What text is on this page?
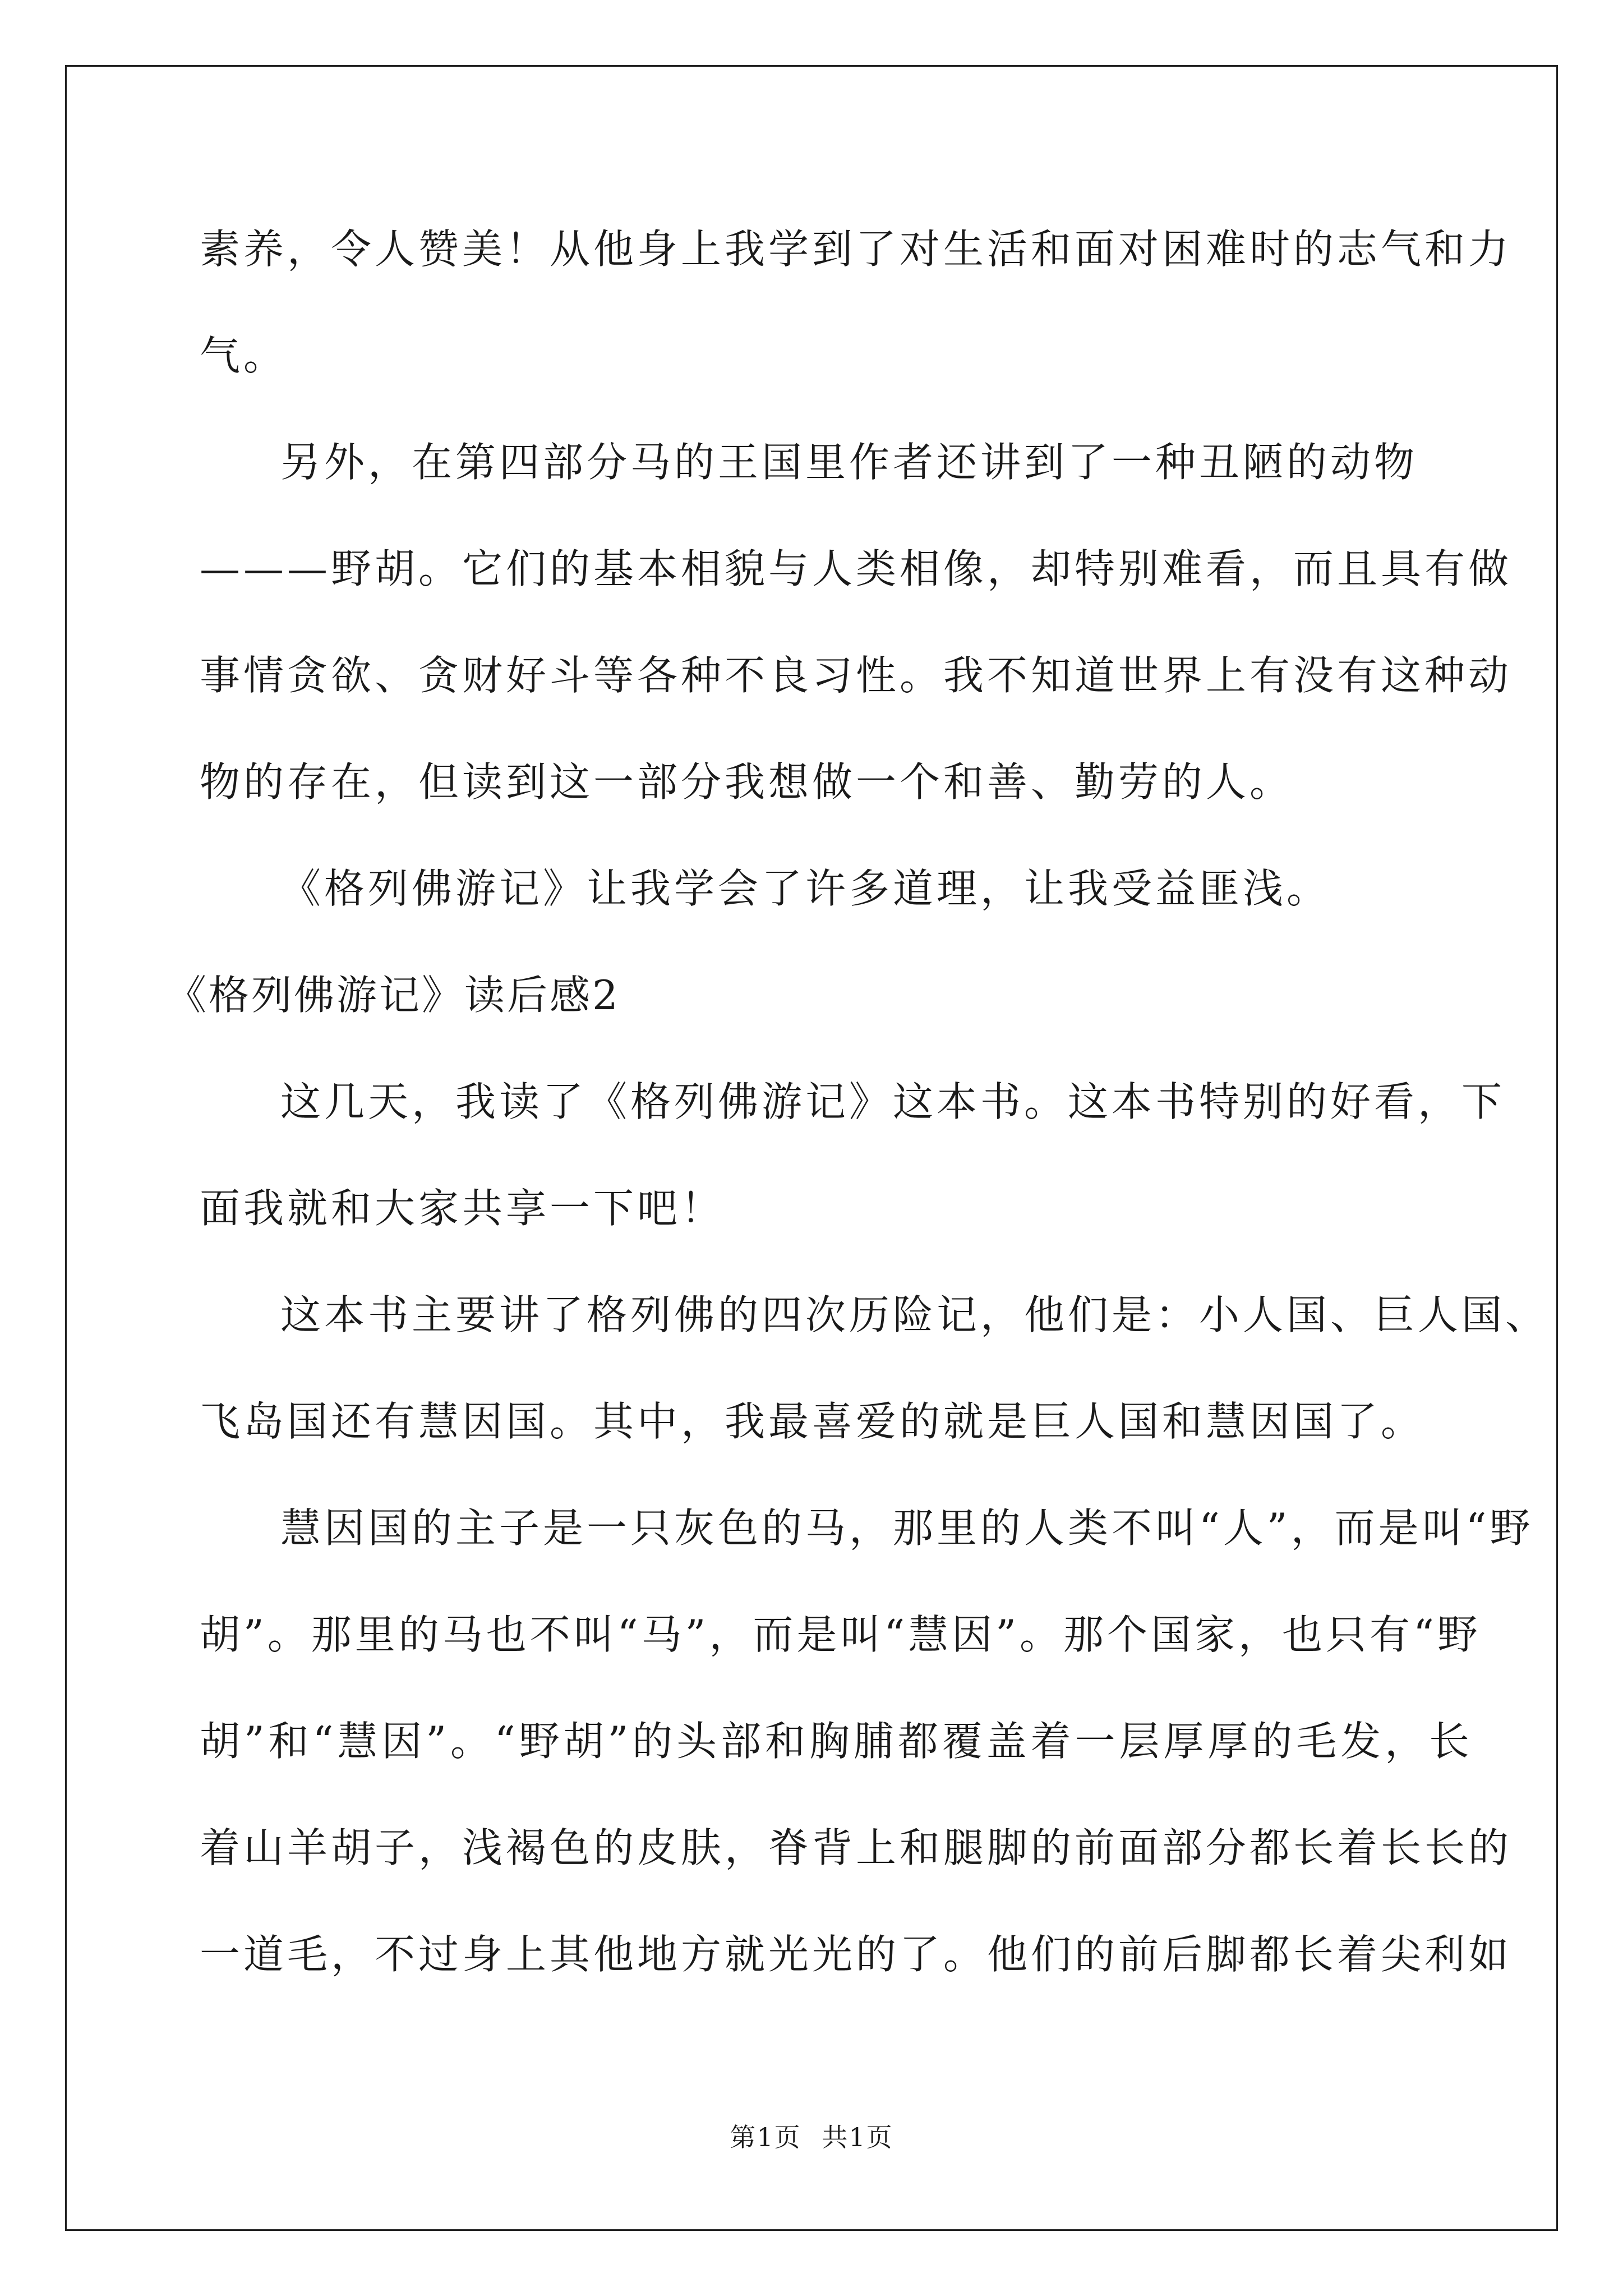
素养，令人赞美！从他身上我学到了对生活和面对困难时的志气和力
气。
另外，在第四部分马的王国里作者还讲到了一种丑陋的动物
———野胡。它们的基本相貌与人类相像，却特别难看，而且具有做
事情贪欲、贪财好斗等各种不良习性。我不知道世界上有没有这种动
物的存在，但读到这一部分我想做一个和善、勤劳的人。
《格列佛游记》让我学会了许多道理，让我受益匪浅。
《格列佛游记》读后感2
这几天，我读了《格列佛游记》这本书。这本书特别的好看，下
面我就和大家共享一下吧！
这本书主要讲了格列佛的四次历险记，他们是：小人国、巨人国、
飞岛国还有慧因国。其中，我最喜爱的就是巨人国和慧因国了。
慧因国的主子是一只灰色的马，那里的人类不叫“人”，而是叫“野
胡”。那里的马也不叫“马”，而是叫“慧因”。那个国家，也只有“野
胡”和“慧因”。“野胡”的头部和胸脯都覆盖着一层厚厚的毛发，长
着山羊胡子，浅褐色的皮肤，脊背上和腿脚的前面部分都长着长长的
一道毛，不过身上其他地方就光光的了。他们的前后脚都长着尖利如
第1页 共1页
